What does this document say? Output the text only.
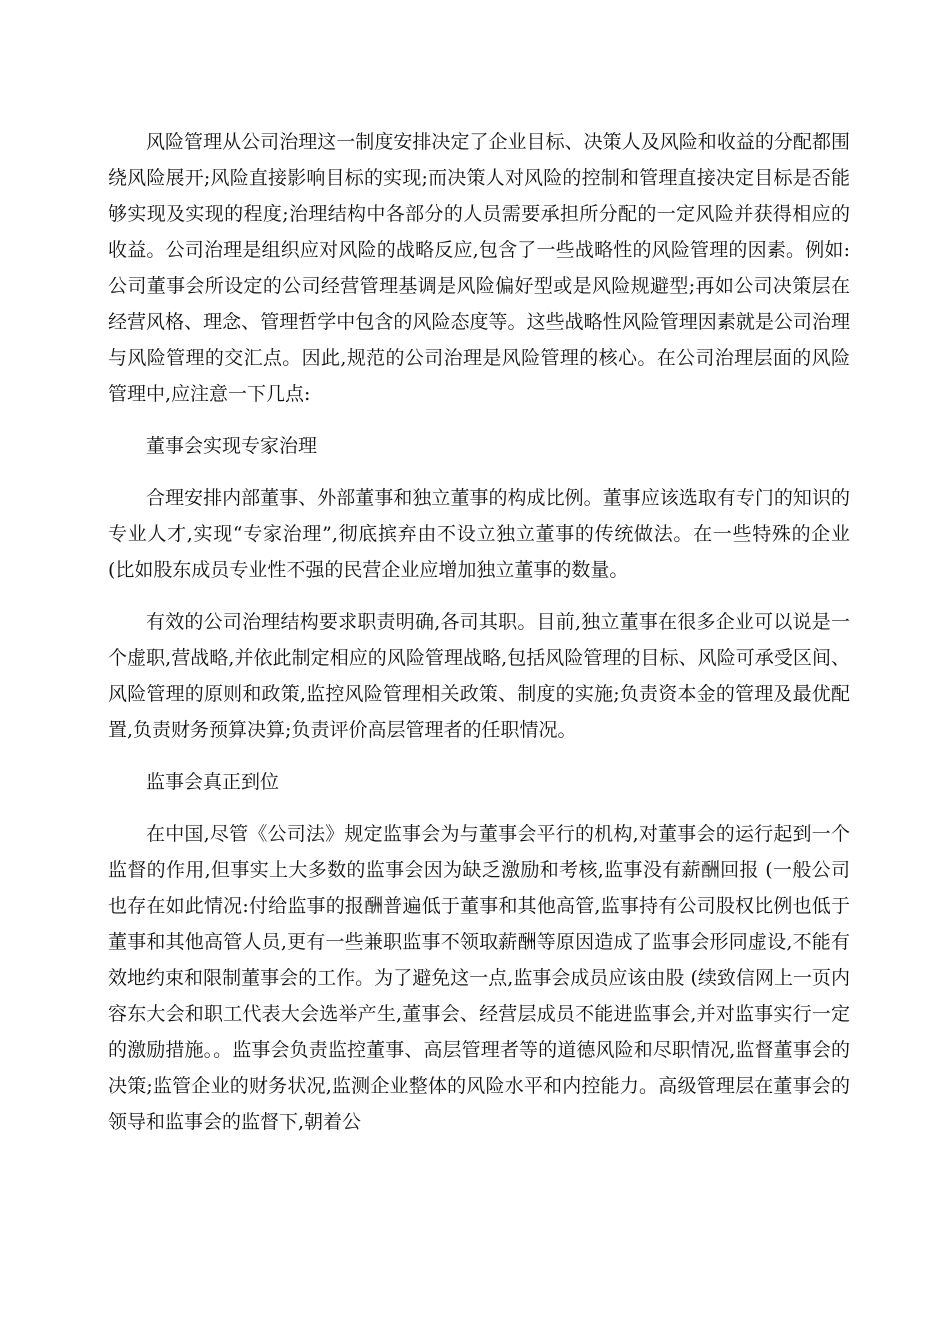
风险管理从公司治理这一制度安排决定了企业目标、决策人及风险和收益的分配都围绕风险展开;风险直接影响目标的实现;而决策人对风险的控制和管理直接决定目标是否能够实现及实现的程度;治理结构中各部分的人员需要承担所分配的一定风险并获得相应的收益。公司治理是组织应对风险的战略反应,包含了一些战略性的风险管理的因素。例如:公司董事会所设定的公司经营管理基调是风险偏好型或是风险规避型;再如公司决策层在经营风格、理念、管理哲学中包含的风险态度等。这些战略性风险管理因素就是公司治理与风险管理的交汇点。因此,规范的公司治理是风险管理的核心。在公司治理层面的风险管理中,应注意一下几点:

董事会实现专家治理

合理安排内部董事、外部董事和独立董事的构成比例。董事应该选取有专门的知识的专业人才,实现“专家治理”,彻底摈弃由不设立独立董事的传统做法。在一些特殊的企业 (比如股东成员专业性不强的民营企业应增加独立董事的数量。

有效的公司治理结构要求职责明确,各司其职。目前,独立董事在很多企业可以说是一个虚职,营战略,并依此制定相应的风险管理战略,包括风险管理的目标、风险可承受区间、风险管理的原则和政策,监控风险管理相关政策、制度的实施;负责资本金的管理及最优配置,负责财务预算决算;负责评价高层管理者的任职情况。

监事会真正到位

在中国,尽管《公司法》规定监事会为与董事会平行的机构,对董事会的运行起到一个监督的作用,但事实上大多数的监事会因为缺乏激励和考核,监事没有薪酬回报 (一般公司也存在如此情况:付给监事的报酬普遍低于董事和其他高管,监事持有公司股权比例也低于董事和其他高管人员,更有一些兼职监事不领取薪酬等原因造成了监事会形同虚设,不能有效地约束和限制董事会的工作。为了避免这一点,监事会成员应该由股 (续致信网上一页内容东大会和职工代表大会选举产生,董事会、经营层成员不能进监事会,并对监事实行一定的激励措施。。监事会负责监控董事、高层管理者等的道德风险和尽职情况,监督董事会的决策;监管企业的财务状况,监测企业整体的风险水平和内控能力。高级管理层在董事会的领导和监事会的监督下,朝着公
